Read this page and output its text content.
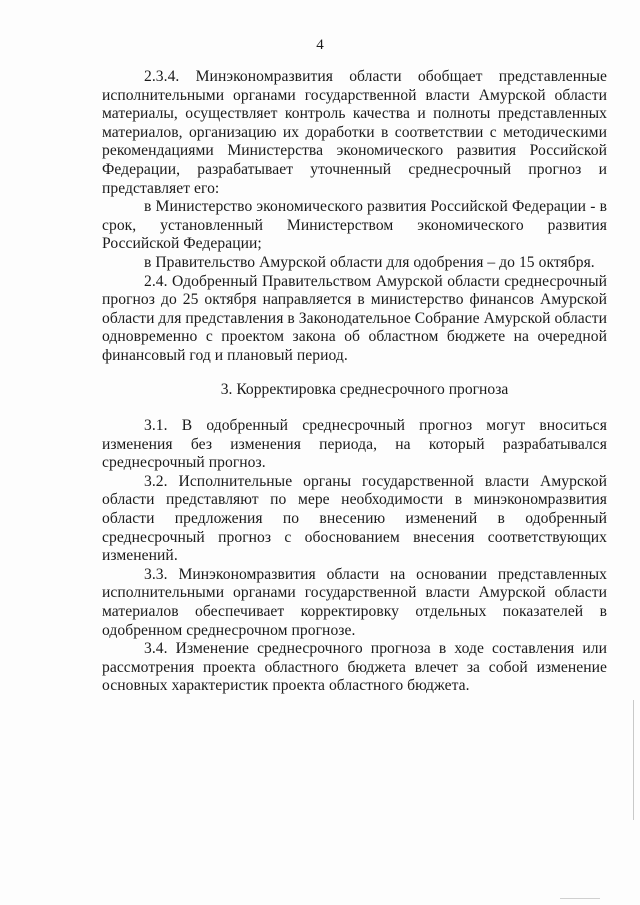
4

2.3.4. Минэкономразвития области обобщает представленные исполнительными органами государственной власти Амурской области материалы, осуществляет контроль качества и полноты представленных материалов, организацию их доработки в соответствии с методическими рекомендациями Министерства экономического развития Российской Федерации, разрабатывает уточненный среднесрочный прогноз и представляет его:

в Министерство экономического развития Российской Федерации - в срок, установленный Министерством экономического развития Российской Федерации;

в Правительство Амурской области для одобрения – до 15 октября.

2.4. Одобренный Правительством Амурской области среднесрочный прогноз до 25 октября направляется в министерство финансов Амурской области для представления в Законодательное Собрание Амурской области одновременно с проектом закона об областном бюджете на очередной финансовый год и плановый период.

3. Корректировка среднесрочного прогноза

3.1. В одобренный среднесрочный прогноз могут вноситься изменения без изменения периода, на который разрабатывался среднесрочный прогноз.

3.2. Исполнительные органы государственной власти Амурской области представляют по мере необходимости в минэкономразвития области предложения по внесению изменений в одобренный среднесрочный прогноз с обоснованием внесения соответствующих изменений.

3.3. Минэкономразвития области на основании представленных исполнительными органами государственной власти Амурской области материалов обеспечивает корректировку отдельных показателей в одобренном среднесрочном прогнозе.

3.4. Изменение среднесрочного прогноза в ходе составления или рассмотрения проекта областного бюджета влечет за собой изменение основных характеристик проекта областного бюджета.
